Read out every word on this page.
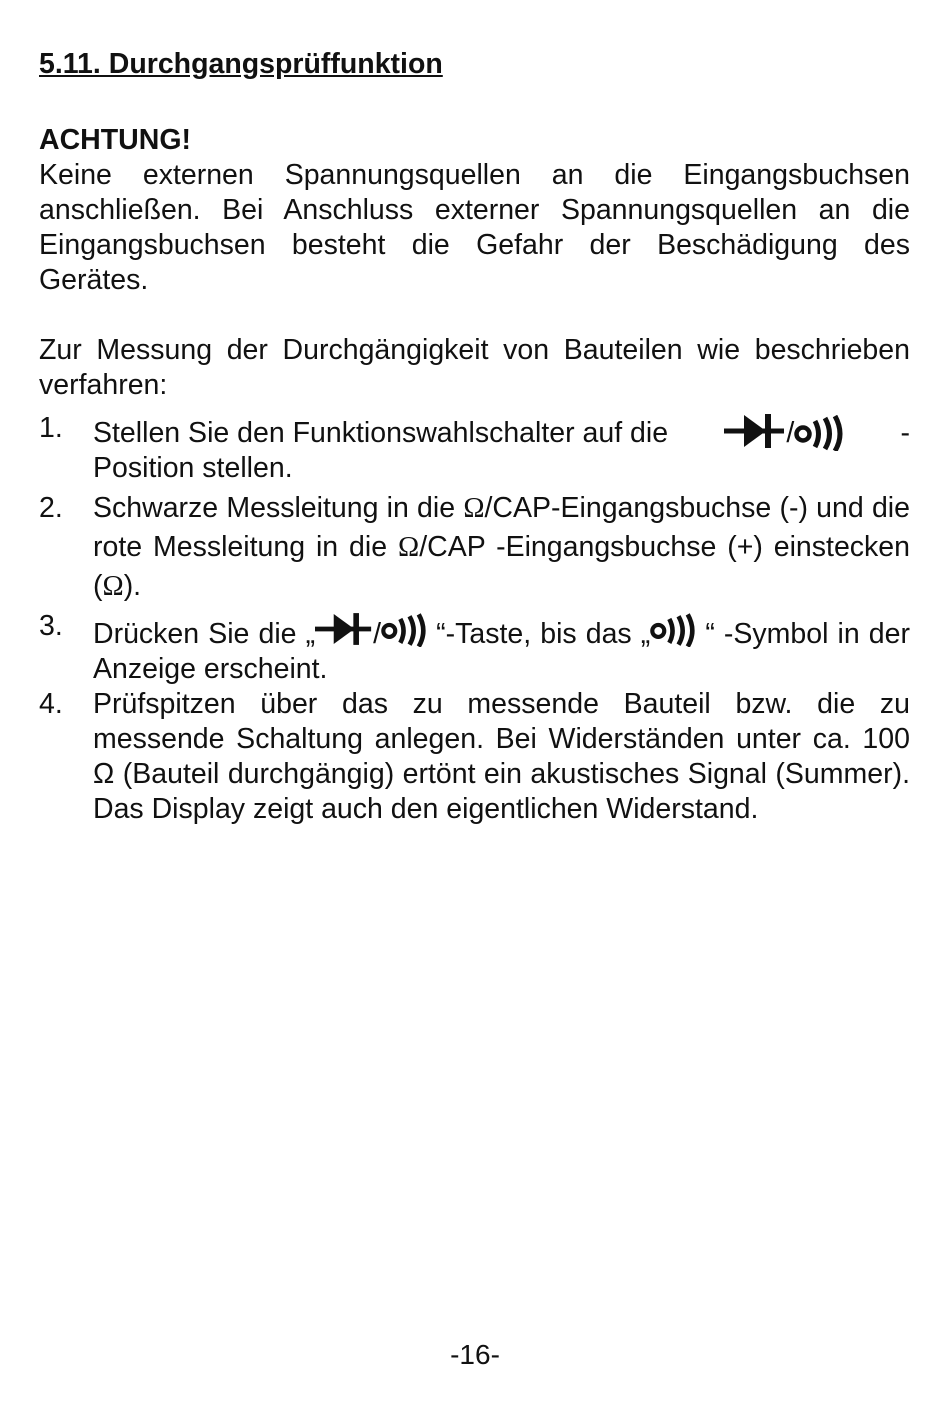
5.11. Durchgangsprüffunktion
ACHTUNG!

Keine externen Spannungsquellen an die Eingangsbuchsen anschließen. Bei Anschluss externer Spannungsquellen an die Eingangsbuchsen besteht die Gefahr der Beschädigung des Gerätes.

Zur Messung der Durchgängigkeit von Bauteilen wie beschrieben verfahren:

1. Stellen Sie den Funktionswahlschalter auf die	/	-
Position stellen.
2. Schwarze Messleitung in die Ω/CAP-Eingangsbuchse (-) und die rote Messleitung in die Ω/CAP -Eingangsbuchse (+) einstecken (Ω).
3. Drücken Sie die „ / “-Taste, bis das „ “ -Symbol in der Anzeige erscheint.
4. Prüfspitzen über das zu messende Bauteil bzw. die zu messende Schaltung anlegen. Bei Widerständen unter ca. 100 Ω (Bauteil durchgängig) ertönt ein akustisches Signal (Summer). Das Display zeigt auch den eigentlichen Widerstand.
-16-
